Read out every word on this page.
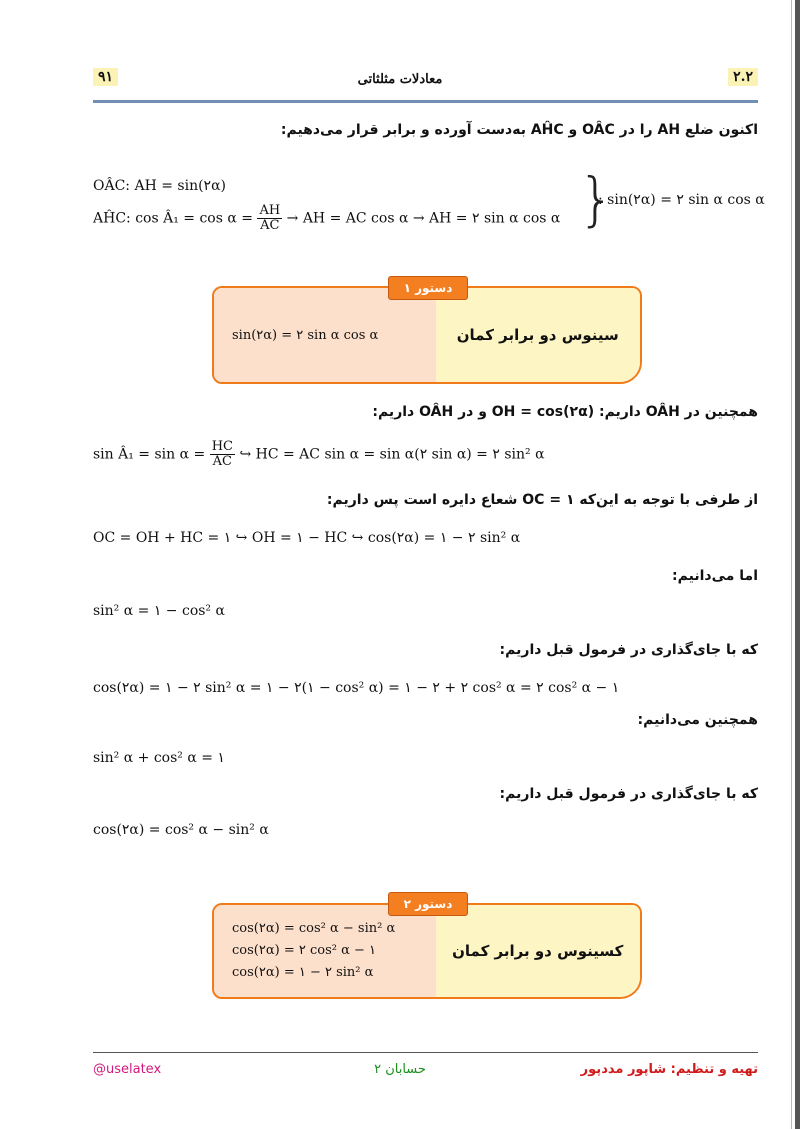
۹۱	معادلات مثلثاتی	۲.۲
اکنون ضلع AH را در OÂC و AĤC به‌دست آورده و برابر قرار می‌دهیم:
OÂC: AH = sin(۲α)
AĤC: cos Â₁ = $\cos \alpha = \frac{AH}{AC}$ → AH = AC cos α → AH = ۲ sin α cos α }
: sin(۲α) = ۲ sin α cos α
sin(۲α) = ۲ sin α cos α	سینوس دو برابر کمان
دستور ۱
همچنین در OÂH داریم: OH = cos(۲α) و در OÂH داریم:
sin Â₁ = $\sin \alpha = \frac{HC}{AC}$ ↪ HC = AC sin α = sin α(۲ sin α) = ۲ sin² α
از طرفی با توجه به این‌که ۱ = OC شعاع دایره است پس داریم:
OC = OH + HC = ۱ ↪ OH = ۱ − HC ↪ cos(۲α) = ۱ − ۲ sin² α
اما می‌دانیم:
sin² α = ۱ − cos² α
که با جای‌گذاری در فرمول قبل داریم:
cos(۲α) = ۱ − ۲ sin² α = ۱ − ۲(۱ − cos² α) = ۱ − ۲ + ۲ cos² α = ۲ cos² α − ۱
همچنین می‌دانیم:
sin² α + cos² α = ۱
که با جای‌گذاری در فرمول قبل داریم:
cos(۲α) = cos² α − sin² α
cos(۲α) = cos² α − sin² α
cos(۲α) = ۲ cos² α − ۱
cos(۲α) = ۱ − ۲ sin² α
کسینوس دو برابر کمان
دستور ۲
@uselatex	حسابان ۲	تهیه و تنظیم: شاپور مددپور
